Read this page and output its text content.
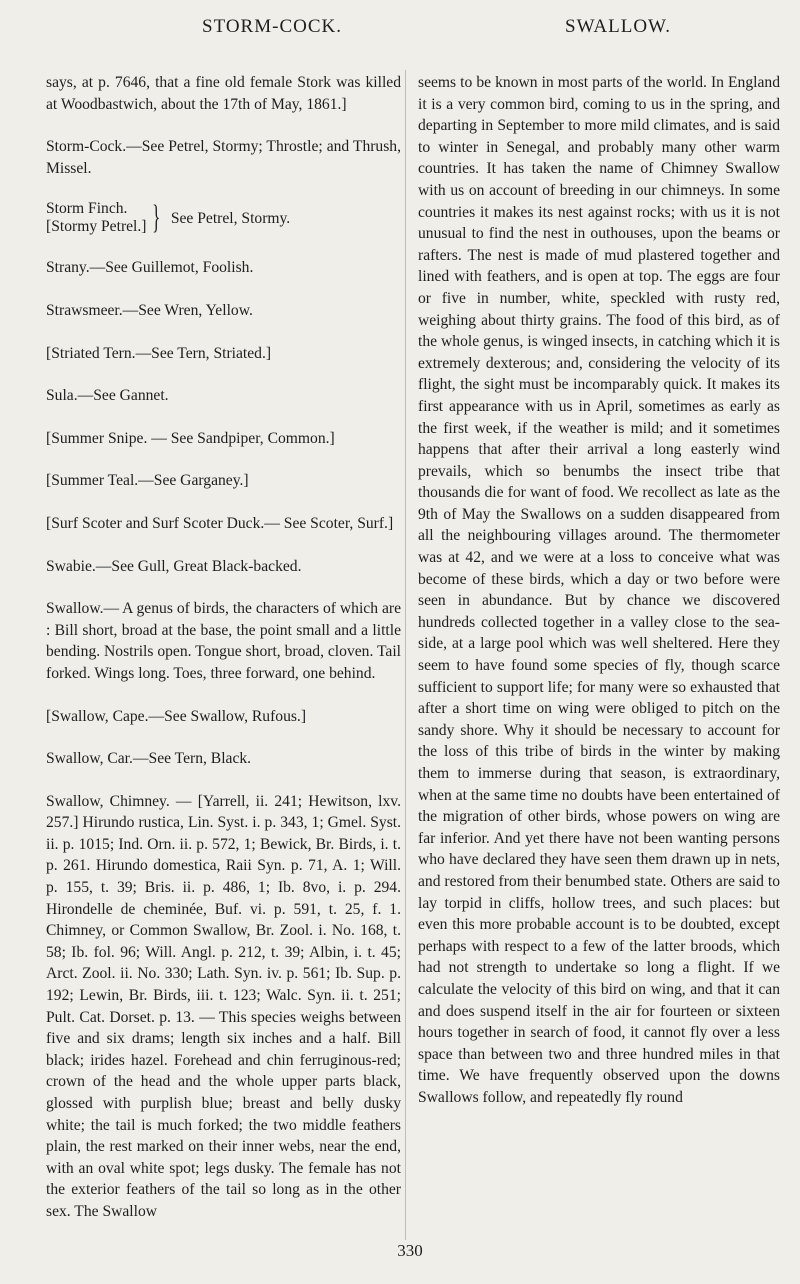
STORM-COCK.	SWALLOW.

says, at p. 7646, that a fine old female Stork was killed at Woodbastwich, about the 17th of May, 1861.]

Storm-Cock.—See Petrel, Stormy; Throstle; and Thrush, Missel.

Storm Finch.
[Stormy Petrel.] } See Petrel, Stormy.

Strany.—See Guillemot, Foolish.

Strawsmeer.—See Wren, Yellow.

[Striated Tern.—See Tern, Striated.]

Sula.—See Gannet.

[Summer Snipe. — See Sandpiper, Common.]

[Summer Teal.—See Garganey.]

[Surf Scoter and Surf Scoter Duck.— See Scoter, Surf.]

Swabie.—See Gull, Great Black-backed.

Swallow.— A genus of birds, the characters of which are : Bill short, broad at the base, the point small and a little bending. Nostrils open. Tongue short, broad, cloven. Tail forked. Wings long. Toes, three forward, one behind.

[Swallow, Cape.—See Swallow, Rufous.]

Swallow, Car.—See Tern, Black.

Swallow, Chimney. — [Yarrell, ii. 241; Hewitson, lxv. 257.] Hirundo rustica, Lin. Syst. i. p. 343, 1; Gmel. Syst. ii. p. 1015; Ind. Orn. ii. p. 572, 1; Bewick, Br. Birds, i. t. p. 261. Hirundo domestica, Raii Syn. p. 71, A. 1; Will. p. 155, t. 39; Bris. ii. p. 486, 1; Ib. 8vo, i. p. 294. Hirondelle de cheminée, Buf. vi. p. 591, t. 25, f. 1. Chimney, or Common Swallow, Br. Zool. i. No. 168, t. 58; Ib. fol. 96; Will. Angl. p. 212, t. 39; Albin, i. t. 45; Arct. Zool. ii. No. 330; Lath. Syn. iv. p. 561; Ib. Sup. p. 192; Lewin, Br. Birds, iii. t. 123; Walc. Syn. ii. t. 251; Pult. Cat. Dorset. p. 13. — This species weighs between five and six drams; length six inches and a half. Bill black; irides hazel. Forehead and chin ferruginous-red; crown of the head and the whole upper parts black, glossed with purplish blue; breast and belly dusky white; the tail is much forked; the two middle feathers plain, the rest marked on their inner webs, near the end, with an oval white spot; legs dusky. The female has not the exterior feathers of the tail so long as in the other sex. The Swallow

seems to be known in most parts of the world. In England it is a very common bird, coming to us in the spring, and departing in September to more mild climates, and is said to winter in Senegal, and probably many other warm countries. It has taken the name of Chimney Swallow with us on account of breeding in our chimneys. In some countries it makes its nest against rocks; with us it is not unusual to find the nest in outhouses, upon the beams or rafters. The nest is made of mud plastered together and lined with feathers, and is open at top. The eggs are four or five in number, white, speckled with rusty red, weighing about thirty grains. The food of this bird, as of the whole genus, is winged insects, in catching which it is extremely dexterous; and, considering the velocity of its flight, the sight must be incomparably quick. It makes its first appearance with us in April, sometimes as early as the first week, if the weather is mild; and it sometimes happens that after their arrival a long easterly wind prevails, which so benumbs the insect tribe that thousands die for want of food. We recollect as late as the 9th of May the Swallows on a sudden disappeared from all the neighbouring villages around. The thermometer was at 42, and we were at a loss to conceive what was become of these birds, which a day or two before were seen in abundance. But by chance we discovered hundreds collected together in a valley close to the sea-side, at a large pool which was well sheltered. Here they seem to have found some species of fly, though scarce sufficient to support life; for many were so exhausted that after a short time on wing were obliged to pitch on the sandy shore. Why it should be necessary to account for the loss of this tribe of birds in the winter by making them to immerse during that season, is extraordinary, when at the same time no doubts have been entertained of the migration of other birds, whose powers on wing are far inferior. And yet there have not been wanting persons who have declared they have seen them drawn up in nets, and restored from their benumbed state. Others are said to lay torpid in cliffs, hollow trees, and such places: but even this more probable account is to be doubted, except perhaps with respect to a few of the latter broods, which had not strength to undertake so long a flight. If we calculate the velocity of this bird on wing, and that it can and does suspend itself in the air for fourteen or sixteen hours together in search of food, it cannot fly over a less space than between two and three hundred miles in that time. We have frequently observed upon the downs Swallows follow, and repeatedly fly round

330
